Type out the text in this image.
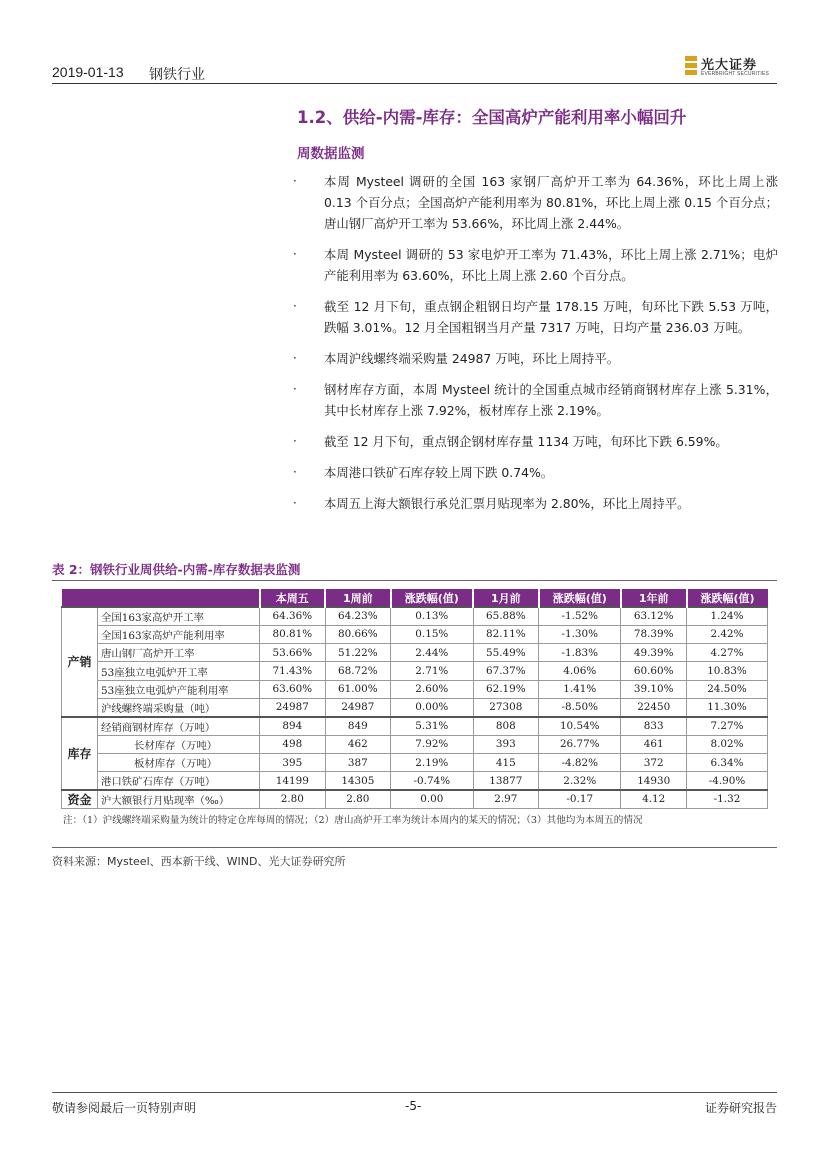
2019-01-13 钢铁行业
光大证券
EVERBRIGHT SECURITIES
1.2、供给-内需-库存：全国高炉产能利用率小幅回升
周数据监测
· 本周 Mysteel 调研的全国 163 家钢厂高炉开工率为 64.36%，环比上周上涨 0.13 个百分点；全国高炉产能利用率为 80.81%，环比上周上涨 0.15 个百分点；唐山钢厂高炉开工率为 53.66%，环比周上涨 2.44%。
· 本周 Mysteel 调研的 53 家电炉开工率为 71.43%，环比上周上涨 2.71%；电炉产能利用率为 63.60%，环比上周上涨 2.60 个百分点。
· 截至 12 月下旬，重点钢企粗钢日均产量 178.15 万吨，旬环比下跌 5.53 万吨，跌幅 3.01%。12 月全国粗钢当月产量 7317 万吨，日均产量 236.03 万吨。
· 本周沪线螺终端采购量 24987 万吨，环比上周持平。
· 钢材库存方面，本周 Mysteel 统计的全国重点城市经销商钢材库存上涨 5.31%，其中长材库存上涨 7.92%，板材库存上涨 2.19%。
· 截至 12 月下旬，重点钢企钢材库存量 1134 万吨，旬环比下跌 6.59%。
· 本周港口铁矿石库存较上周下跌 0.74%。
· 本周五上海大额银行承兑汇票月贴现率为 2.80%，环比上周持平。
表 2：钢铁行业周供给-内需-库存数据表监测
		本周五	1周前	涨跌幅(值)	1月前	涨跌幅(值)	1年前	涨跌幅(值)
产销	全国163家高炉开工率	64.36%	64.23%	0.13%	65.88%	-1.52%	63.12%	1.24%
	全国163家高炉产能利用率	80.81%	80.66%	0.15%	82.11%	-1.30%	78.39%	2.42%
	唐山钢厂高炉开工率	53.66%	51.22%	2.44%	55.49%	-1.83%	49.39%	4.27%
	53座独立电弧炉开工率	71.43%	68.72%	2.71%	67.37%	4.06%	60.60%	10.83%
	53座独立电弧炉产能利用率	63.60%	61.00%	2.60%	62.19%	1.41%	39.10%	24.50%
	沪线螺终端采购量（吨）	24987	24987	0.00%	27308	-8.50%	22450	11.30%
库存	经销商钢材库存（万吨）	894	849	5.31%	808	10.54%	833	7.27%
	长材库存（万吨）	498	462	7.92%	393	26.77%	461	8.02%
	板材库存（万吨）	395	387	2.19%	415	-4.82%	372	6.34%
	港口铁矿石库存（万吨）	14199	14305	-0.74%	13877	2.32%	14930	-4.90%
资金	沪大额银行月贴现率（‰）	2.80	2.80	0.00	2.97	-0.17	4.12	-1.32
注：（1）沪线螺终端采购量为统计的特定仓库每周的情况；（2）唐山高炉开工率为统计本周内的某天的情况；（3）其他均为本周五的情况
资料来源：Mysteel、西本新干线、WIND、光大证券研究所
敬请参阅最后一页特别声明	-5-	证券研究报告
